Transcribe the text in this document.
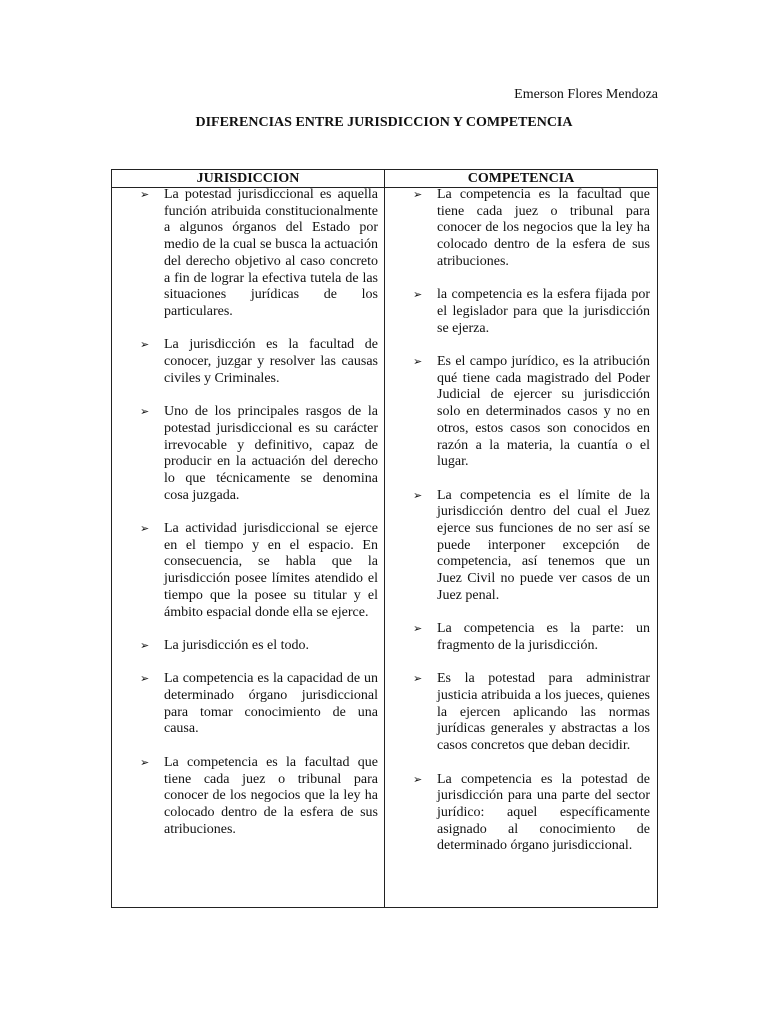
Emerson Flores Mendoza
DIFERENCIAS ENTRE JURISDICCION Y COMPETENCIA
JURISDICCION
➢ La potestad jurisdiccional es aquella función atribuida constitucionalmente a algunos órganos del Estado por medio de la cual se busca la actuación del derecho objetivo al caso concreto a fin de lograr la efectiva tutela de las situaciones jurídicas de los particulares.
➢ La jurisdicción es la facultad de conocer, juzgar y resolver las causas civiles y Criminales.
➢ Uno de los principales rasgos de la potestad jurisdiccional es su carácter irrevocable y definitivo, capaz de producir en la actuación del derecho lo que técnicamente se denomina cosa juzgada.
➢ La actividad jurisdiccional se ejerce en el tiempo y en el espacio. En consecuencia, se habla que la jurisdicción posee límites atendido el tiempo que la posee su titular y el ámbito espacial donde ella se ejerce.
➢ La jurisdicción es el todo.
➢ La competencia es la capacidad de un determinado órgano jurisdiccional para tomar conocimiento de una causa.
➢ La competencia es la facultad que tiene cada juez o tribunal para conocer de los negocios que la ley ha colocado dentro de la esfera de sus atribuciones.
COMPETENCIA
➢ La competencia es la facultad que tiene cada juez o tribunal para conocer de los negocios que la ley ha colocado dentro de la esfera de sus atribuciones.
➢ la competencia es la esfera fijada por el legislador para que la jurisdicción se ejerza.
➢ Es el campo jurídico, es la atribución qué tiene cada magistrado del Poder Judicial de ejercer su jurisdicción solo en determinados casos y no en otros, estos casos son conocidos en razón a la materia, la cuantía o el lugar.
➢ La competencia es el límite de la jurisdicción dentro del cual el Juez ejerce sus funciones de no ser así se puede interponer excepción de competencia, así tenemos que un Juez Civil no puede ver casos de un Juez penal.
➢ La competencia es la parte: un fragmento de la jurisdicción.
➢ Es la potestad para administrar justicia atribuida a los jueces, quienes la ejercen aplicando las normas jurídicas generales y abstractas a los casos concretos que deban decidir.
➢ La competencia es la potestad de jurisdicción para una parte del sector jurídico: aquel específicamente asignado al conocimiento de determinado órgano jurisdiccional.
